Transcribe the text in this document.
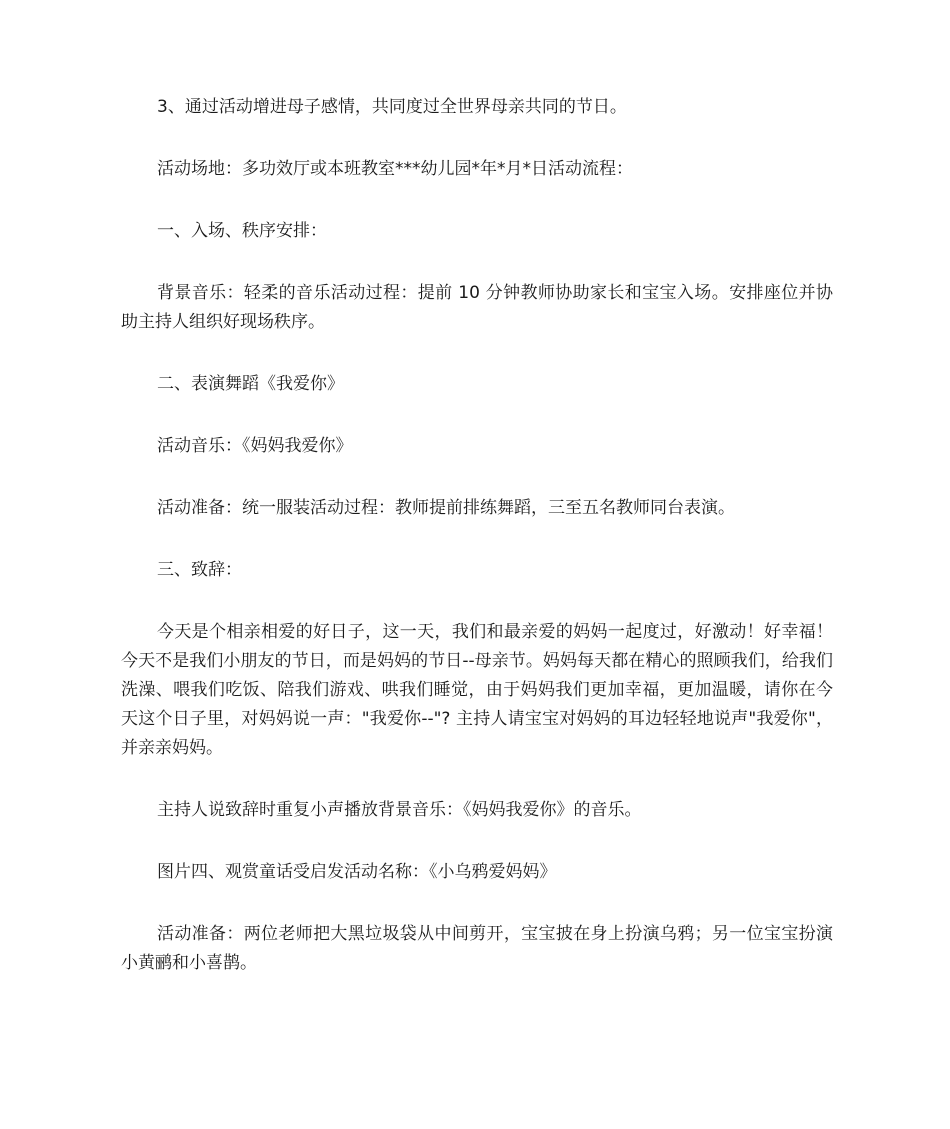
3、通过活动增进母子感情，共同度过全世界母亲共同的节日。

活动场地：多功效厅或本班教室***幼儿园*年*月*日活动流程：

一、入场、秩序安排：

背景音乐：轻柔的音乐活动过程：提前 10 分钟教师协助家长和宝宝入场。安排座位并协助主持人组织好现场秩序。

二、表演舞蹈《我爱你》

活动音乐：《妈妈我爱你》

活动准备：统一服装活动过程：教师提前排练舞蹈，三至五名教师同台表演。

三、致辞：

今天是个相亲相爱的好日子，这一天，我们和最亲爱的妈妈一起度过，好激动！好幸福！今天不是我们小朋友的节日，而是妈妈的节日--母亲节。妈妈每天都在精心的照顾我们，给我们洗澡、喂我们吃饭、陪我们游戏、哄我们睡觉，由于妈妈我们更加幸福，更加温暖，请你在今天这个日子里，对妈妈说一声："我爱你--"? 主持人请宝宝对妈妈的耳边轻轻地说声"我爱你"，并亲亲妈妈。

主持人说致辞时重复小声播放背景音乐：《妈妈我爱你》的音乐。

图片四、观赏童话受启发活动名称：《小乌鸦爱妈妈》

活动准备：两位老师把大黑垃圾袋从中间剪开，宝宝披在身上扮演乌鸦；另一位宝宝扮演小黄鹂和小喜鹊。
